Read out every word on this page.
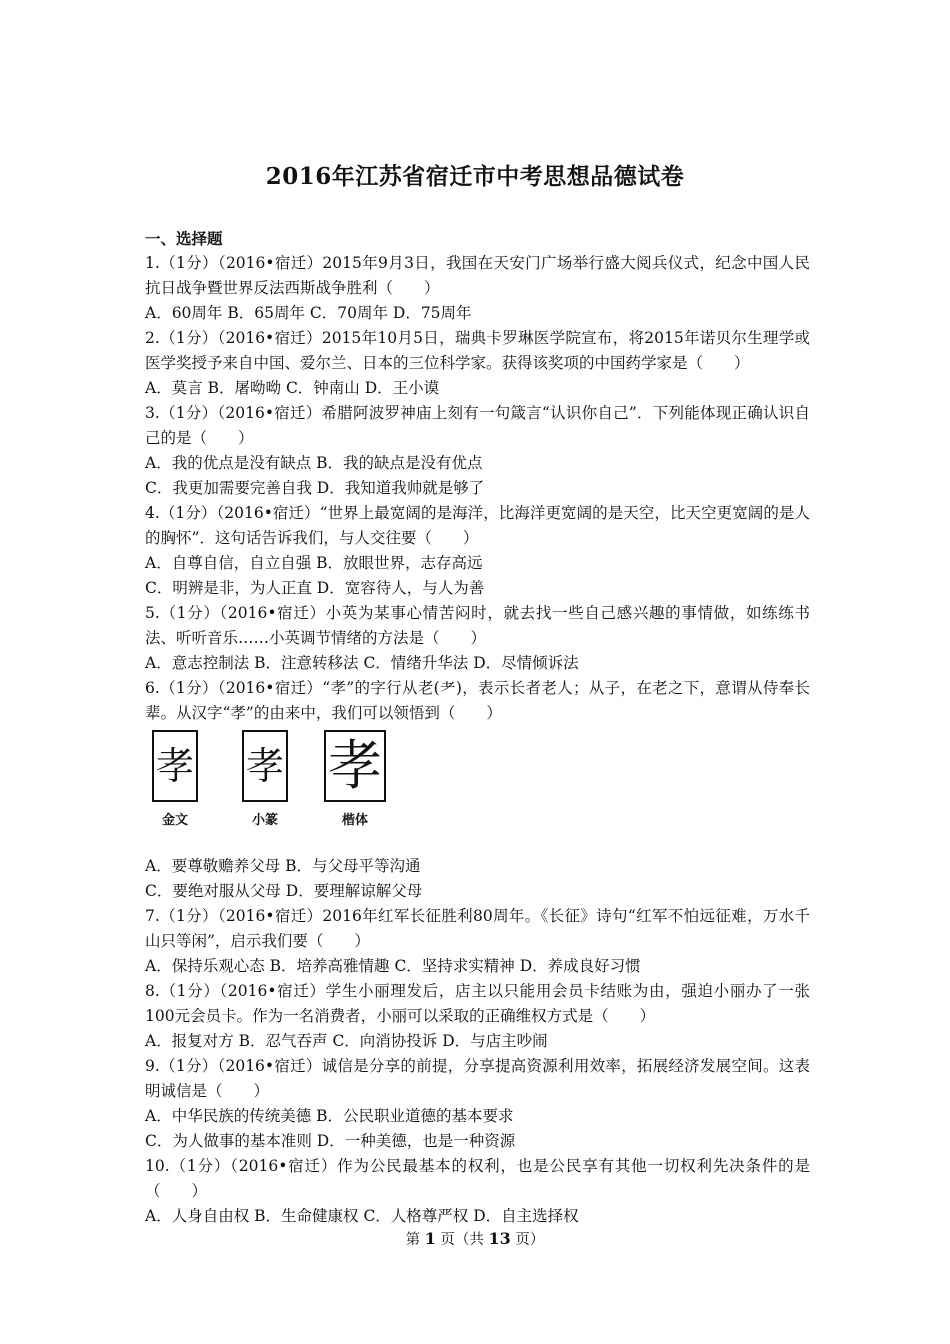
2016年江苏省宿迁市中考思想品德试卷
一、选择题
1.（1分）（2016•宿迁）2015年9月3日，我国在天安门广场举行盛大阅兵仪式，纪念中国人民抗日战争暨世界反法西斯战争胜利（　　）
A．60周年 B．65周年 C．70周年 D．75周年
2.（1分）（2016•宿迁）2015年10月5日，瑞典卡罗琳医学院宣布，将2015年诺贝尔生理学或医学奖授予来自中国、爱尔兰、日本的三位科学家。获得该奖项的中国药学家是（　　）
A．莫言 B．屠呦呦 C．钟南山 D．王小谟
3.（1分）（2016•宿迁）希腊阿波罗神庙上刻有一句箴言“认识你自己”．下列能体现正确认识自己的是（　　）
A．我的优点是没有缺点 B．我的缺点是没有优点
C．我更加需要完善自我 D．我知道我帅就是够了
4.（1分）（2016•宿迁）“世界上最宽阔的是海洋，比海洋更宽阔的是天空，比天空更宽阔的是人的胸怀”．这句话告诉我们，与人交往要（　　）
A．自尊自信，自立自强 B．放眼世界，志存高远
C．明辨是非，为人正直 D．宽容待人，与人为善
5.（1分）（2016•宿迁）小英为某事心情苦闷时，就去找一些自己感兴趣的事情做，如练练书法、听听音乐……小英调节情绪的方法是（　　）
A．意志控制法 B．注意转移法 C．情绪升华法 D．尽情倾诉法
6.（1分）（2016•宿迁）“孝”的字行从老(耂)，表示长者老人；从子，在老之下，意谓从侍奉长辈。从汉字“孝”的由来中，我们可以领悟到（　　）
孝
金文
孝
小篆
孝
楷体
A．要尊敬赡养父母 B．与父母平等沟通
C．要绝对服从父母 D．要理解谅解父母
7.（1分）（2016•宿迁）2016年红军长征胜利80周年。《长征》诗句“红军不怕远征难，万水千山只等闲”，启示我们要（　　）
A．保持乐观心态 B．培养高雅情趣 C．坚持求实精神 D．养成良好习惯
8.（1分）（2016•宿迁）学生小丽理发后，店主以只能用会员卡结账为由，强迫小丽办了一张100元会员卡。作为一名消费者，小丽可以采取的正确维权方式是（　　）
A．报复对方 B．忍气吞声 C．向消协投诉 D．与店主吵闹
9.（1分）（2016•宿迁）诚信是分享的前提，分享提高资源利用效率，拓展经济发展空间。这表明诚信是（　　）
A．中华民族的传统美德 B．公民职业道德的基本要求
C．为人做事的基本准则 D．一种美德，也是一种资源
10.（1分）（2016•宿迁）作为公民最基本的权利，也是公民享有其他一切权利先决条件的是（　　）
A．人身自由权 B．生命健康权 C．人格尊严权 D．自主选择权
第 1 页（共 13 页）
